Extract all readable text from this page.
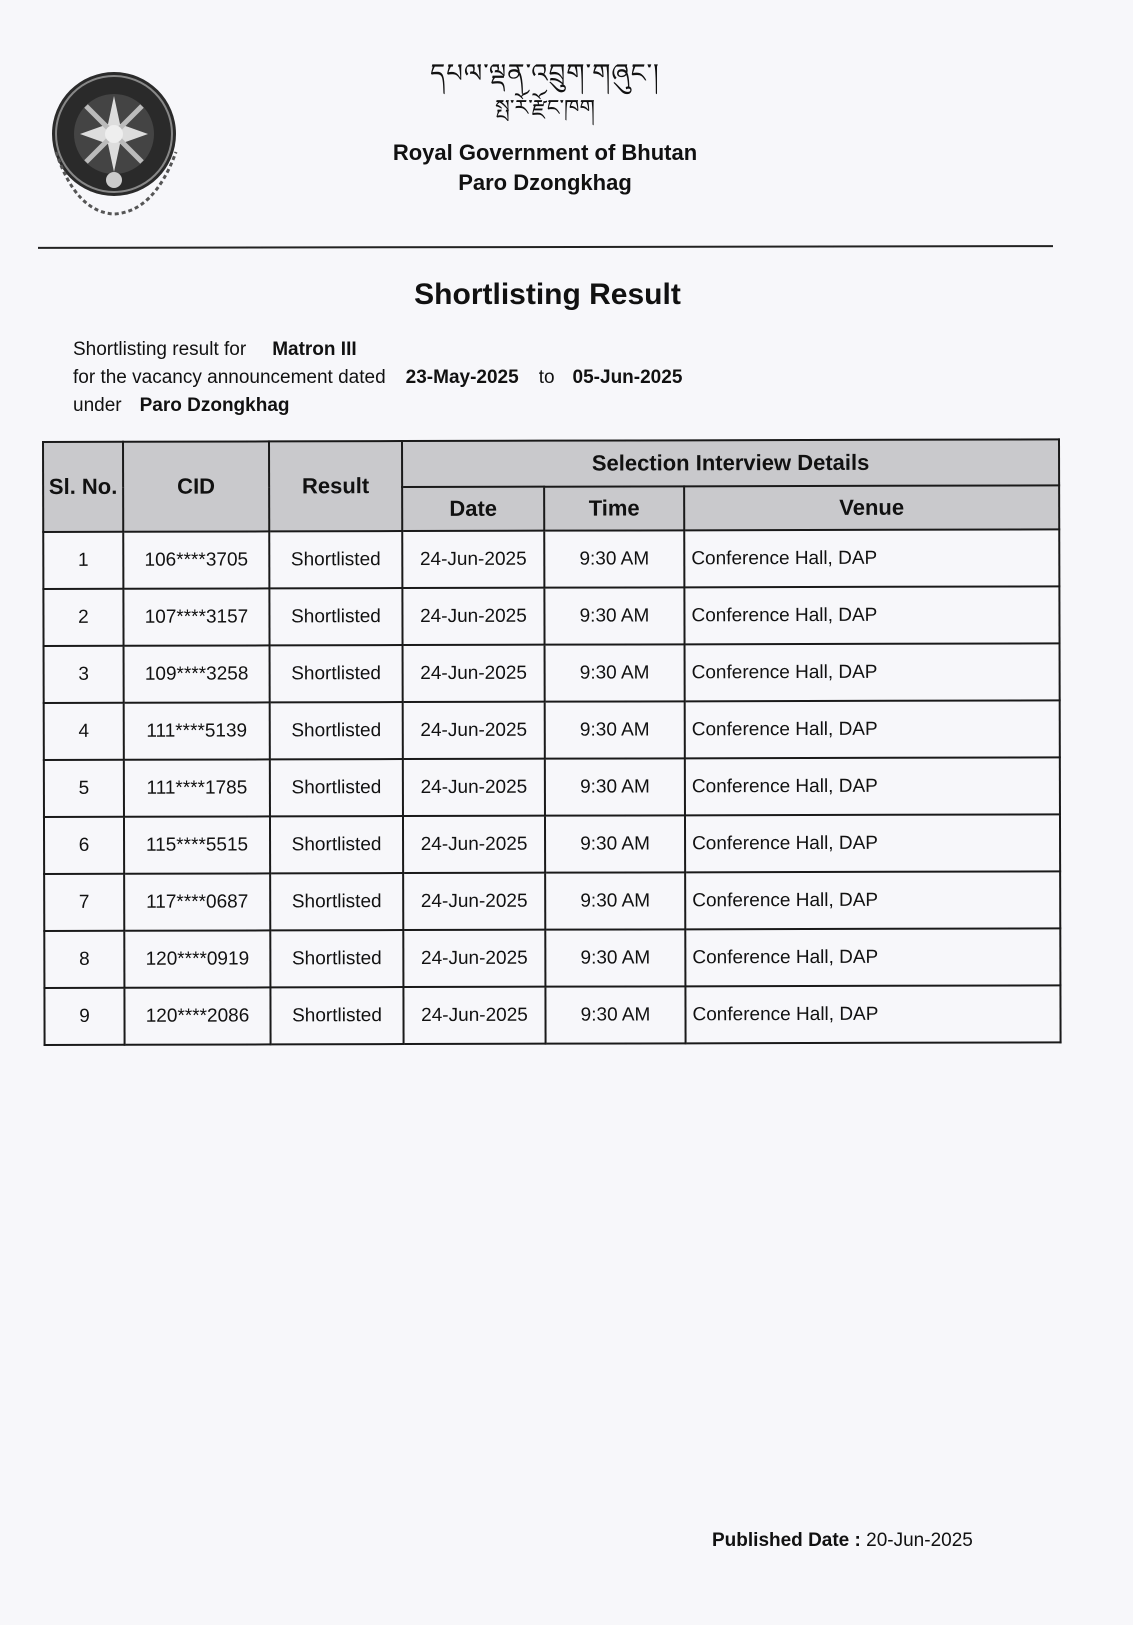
དཔལ་ལྡན་འབྲུག་གཞུང་།
སྤ་རོ་རྫོང་ཁག
Royal Government of Bhutan
Paro Dzongkhag
Shortlisting Result
Shortlisting result for Matron III
for the vacancy announcement dated 23-May-2025 to 05-Jun-2025
under Paro Dzongkhag
Sl. No.	CID	Result	Selection Interview Details		
			Date	Time	Venue
1	106****3705	Shortlisted	24-Jun-2025	9:30 AM	Conference Hall, DAP
2	107****3157	Shortlisted	24-Jun-2025	9:30 AM	Conference Hall, DAP
3	109****3258	Shortlisted	24-Jun-2025	9:30 AM	Conference Hall, DAP
4	111****5139	Shortlisted	24-Jun-2025	9:30 AM	Conference Hall, DAP
5	111****1785	Shortlisted	24-Jun-2025	9:30 AM	Conference Hall, DAP
6	115****5515	Shortlisted	24-Jun-2025	9:30 AM	Conference Hall, DAP
7	117****0687	Shortlisted	24-Jun-2025	9:30 AM	Conference Hall, DAP
8	120****0919	Shortlisted	24-Jun-2025	9:30 AM	Conference Hall, DAP
9	120****2086	Shortlisted	24-Jun-2025	9:30 AM	Conference Hall, DAP
Published Date : 20-Jun-2025
